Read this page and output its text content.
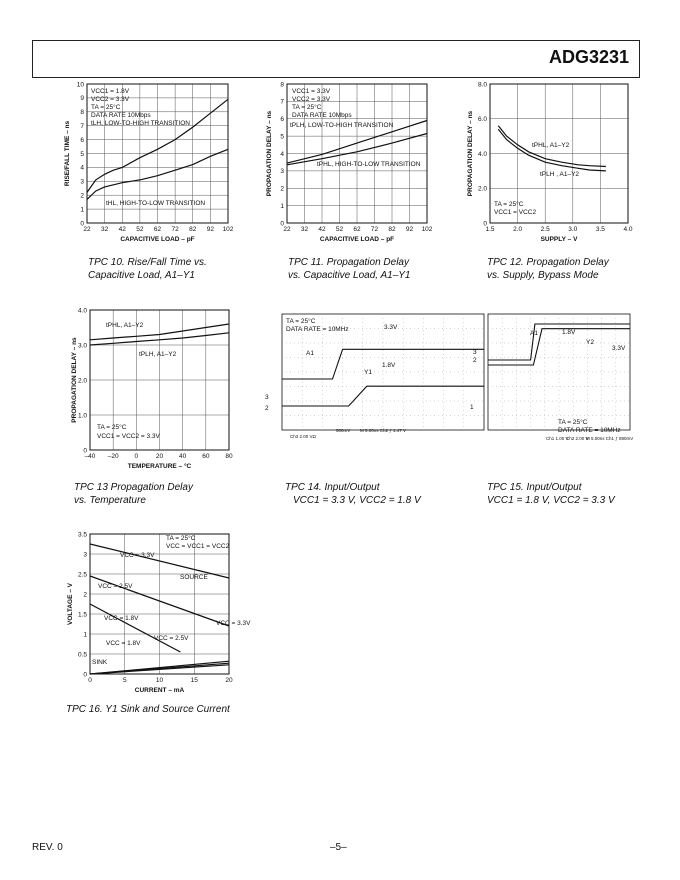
ADG3231
22 32 42 52 62 72 82 92 102
0
1
2
3
4
5
6
7
8
9
10
CAPACITIVE LOAD – pF
RISE/FALL TIME – ns
VCC1 = 1.8V
VCC2 = 3.3V
TA = 25°C
DATA RATE 10Mbps
tLH, LOW-TO-HIGH TRANSITION
tHL, HIGH-TO-LOW TRANSITION
22 32 42 52 62 72 82 92 102
0
1
2
3
4
5
6
7
8
CAPACITIVE LOAD – pF
PROPAGATION DELAY – ns
VCC1 = 3.3V
VCC2 = 3.3V
TA = 25°C
DATA RATE 10Mbps
tPLH, LOW-TO-HIGH TRANSITION
tPHL, HIGH-TO-LOW TRANSITION
1.5	2.0	2.5	3.0	3.5	4.0
0
2.0
4.0
6.0
8.0
SUPPLY – V
PROPAGATION DELAY – ns	tPHL, A1–Y2
tPLH , A1–Y2
TA = 25°C
VCC1 = VCC2
–40 –20 0	20 40 60 80
0
1.0
2.0
3.0
4.0
TEMPERATURE – °C
PROPAGATION DELAY – ns
tPHL, A1–Y2
tPLH, A1–Y2
TA = 25°C
VCC1 = VCC2 = 3.3V
TA = 25°C
DATA RATE = 10MHz
A1
Y1
3.3V
1.8V
3
2
Ch3 2.00 VΩ
500mV M 5.00ns Ch2 ƒ 1.47 V
TA = 25°C
DATA RATE = 10MHz
A1
Y2
1.8V
3.3V
3
2
1
Ch1 1.00 V
Ch2 2.00 V
M 5.00ns Ch1 ƒ 890mV
0	5	10	15	20
0
0.5
1
1.5
2
2.5
3
3.5
CURRENT – mA
VOLTAGE – V
TA = 25°C
VCC = VCC1 = VCC2
SOURCE
SINK
VCC = 3.3V
VCC = 2.5V
VCC = 1.8V
VCC = 3.3V
VCC = 2.5V
VCC = 1.8V
TPC 10. Rise/Fall Time vs.
Capacitive Load, A1–Y1
TPC 11. Propagation Delay
vs. Capacitive Load, A1–Y1
TPC 12. Propagation Delay
vs. Supply, Bypass Mode
TPC 13 Propagation Delay
vs. Temperature
TPC 14. Input/Output
VCC1 = 3.3 V, VCC2 = 1.8 V
TPC 15. Input/Output
VCC1 = 1.8 V, VCC2 = 3.3 V
TPC 16. Y1 Sink and Source Current
REV. 0	–5–
